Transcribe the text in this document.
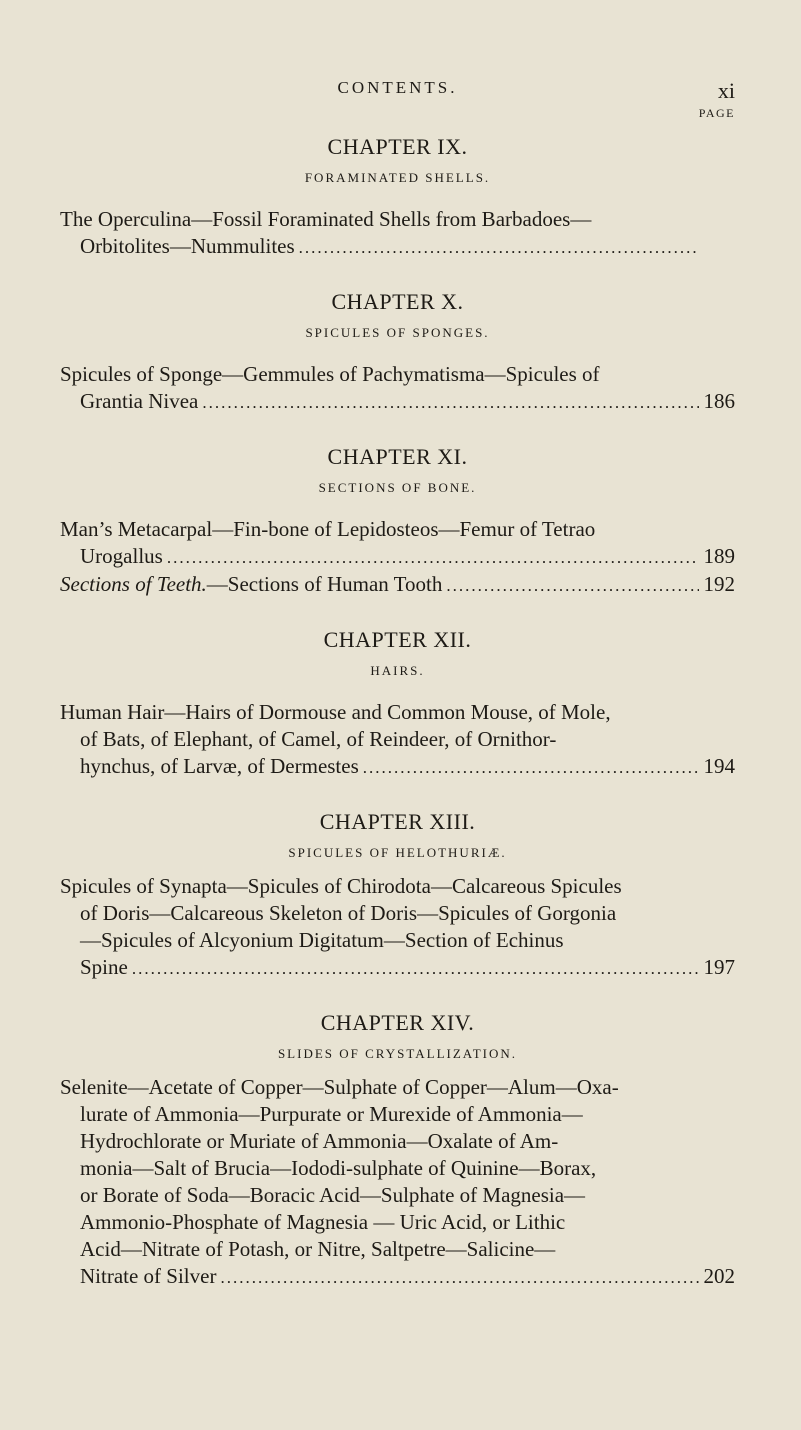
CONTENTS.	xi
PAGE
CHAPTER IX.
FORAMINATED SHELLS.
The Operculina—Fossil Foraminated Shells from Barbadoes—
Orbitolites—Nummulites
.....
CHAPTER X.
SPICULES OF SPONGES.
Spicules of Sponge—Gemmules of Pachymatisma—Spicules of
Grantia Nivea .....	186
CHAPTER XI.
SECTIONS OF BONE.
Man’s Metacarpal—Fin-bone of Lepidosteos—Femur of Tetrao
Urogallus .....	189
Sections of Teeth.—Sections of Human Tooth .....	192
CHAPTER XII.
HAIRS.
Human Hair—Hairs of Dormouse and Common Mouse, of Mole,
of Bats, of Elephant, of Camel, of Reindeer, of Ornithor-
hynchus, of Larvæ, of Dermestes .....	194
CHAPTER XIII.
SPICULES OF HELOTHURIÆ.
Spicules of Synapta—Spicules of Chirodota—Calcareous Spicules
of Doris—Calcareous Skeleton of Doris—Spicules of Gorgonia
—Spicules of Alcyonium Digitatum—Section of Echinus
Spine .....	197
CHAPTER XIV.
SLIDES OF CRYSTALLIZATION.
Selenite—Acetate of Copper—Sulphate of Copper—Alum—Oxa-
lurate of Ammonia—Purpurate or Murexide of Ammonia—
Hydrochlorate or Muriate of Ammonia—Oxalate of Am-
monia—Salt of Brucia—Iododi-sulphate of Quinine—Borax,
or Borate of Soda—Boracic Acid—Sulphate of Magnesia—
Ammonio-Phosphate of Magnesia — Uric Acid, or Lithic
Acid—Nitrate of Potash, or Nitre, Saltpetre—Salicine—
Nitrate of Silver .....	202
